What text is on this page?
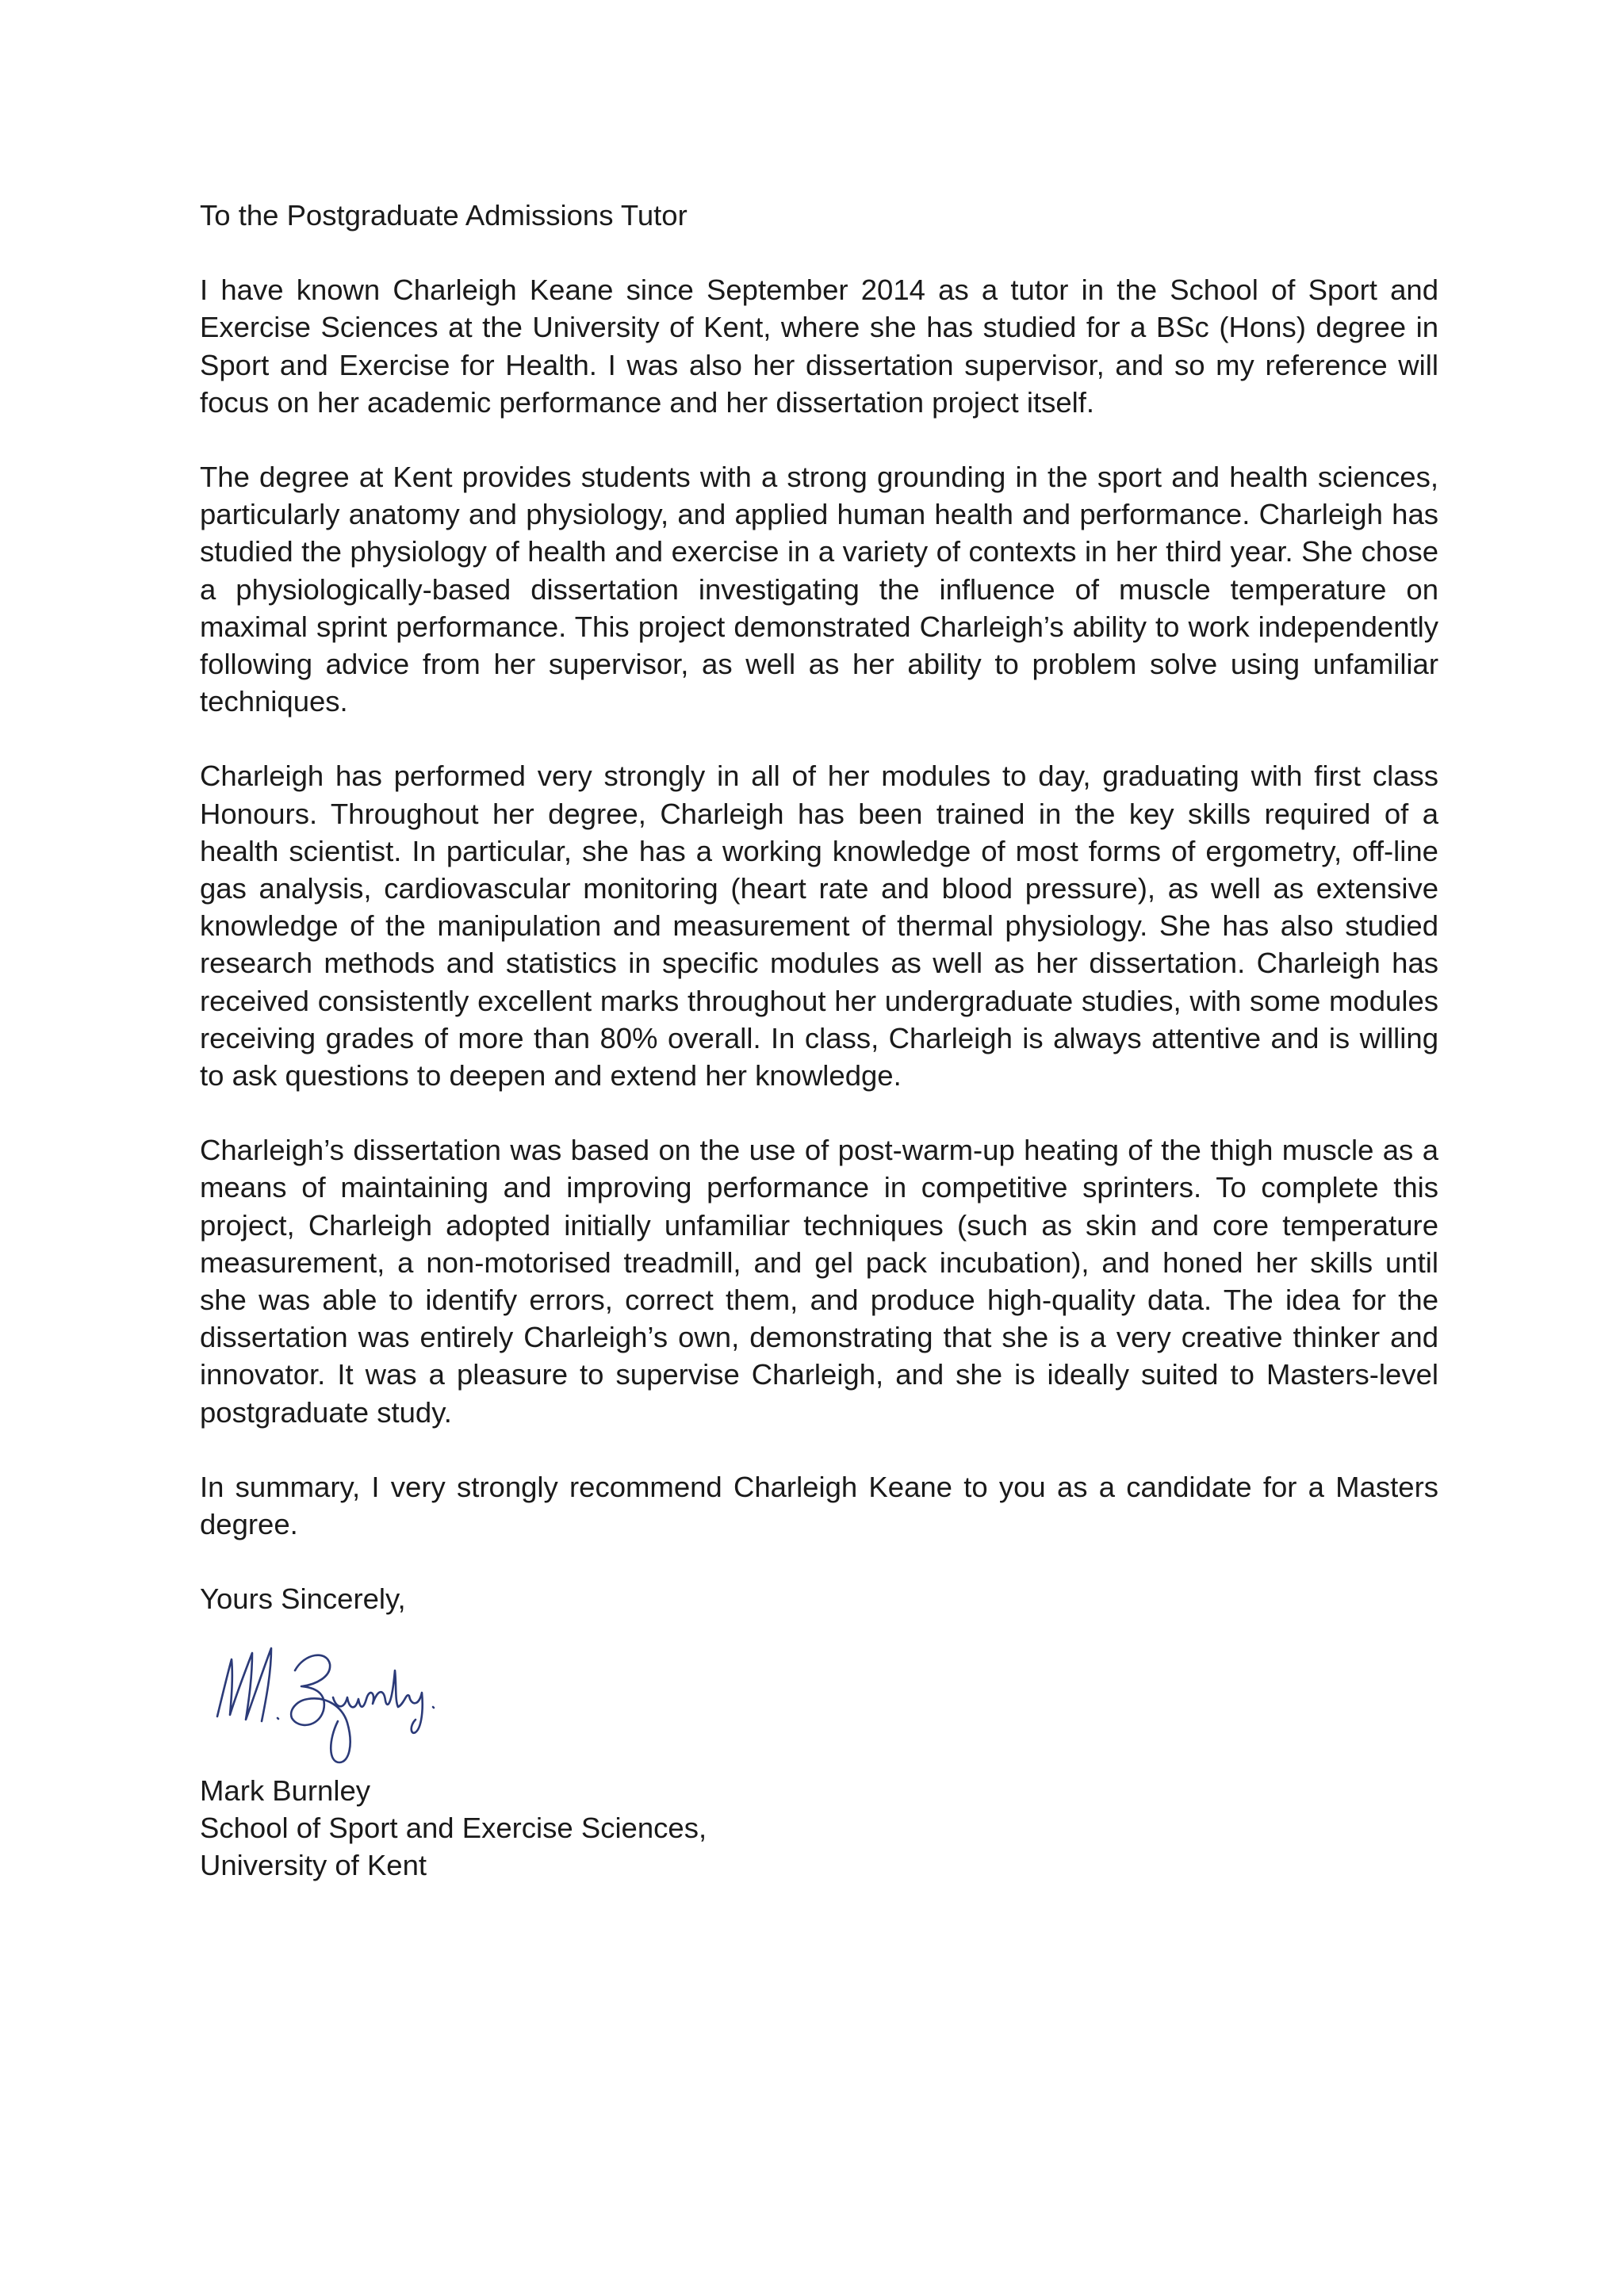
To the Postgraduate Admissions Tutor

I have known Charleigh Keane since September 2014 as a tutor in the School of Sport and Exercise Sciences at the University of Kent, where she has studied for a BSc (Hons) degree in Sport and Exercise for Health. I was also her dissertation supervisor, and so my reference will focus on her academic performance and her dissertation project itself.

The degree at Kent provides students with a strong grounding in the sport and health sciences, particularly anatomy and physiology, and applied human health and performance. Charleigh has studied the physiology of health and exercise in a variety of contexts in her third year. She chose a physiologically-based dissertation investigating the influence of muscle temperature on maximal sprint performance. This project demonstrated Charleigh’s ability to work independently following advice from her supervisor, as well as her ability to problem solve using unfamiliar techniques.

Charleigh has performed very strongly in all of her modules to day, graduating with first class Honours. Throughout her degree, Charleigh has been trained in the key skills required of a health scientist. In particular, she has a working knowledge of most forms of ergometry, off-line gas analysis, cardiovascular monitoring (heart rate and blood pressure), as well as extensive knowledge of the manipulation and measurement of thermal physiology. She has also studied research methods and statistics in specific modules as well as her dissertation. Charleigh has received consistently excellent marks throughout her undergraduate studies, with some modules receiving grades of more than 80% overall. In class, Charleigh is always attentive and is willing to ask questions to deepen and extend her knowledge.

Charleigh’s dissertation was based on the use of post-warm-up heating of the thigh muscle as a means of maintaining and improving performance in competitive sprinters. To complete this project, Charleigh adopted initially unfamiliar techniques (such as skin and core temperature measurement, a non-motorised treadmill, and gel pack incubation), and honed her skills until she was able to identify errors, correct them, and produce high-quality data. The idea for the dissertation was entirely Charleigh’s own, demonstrating that she is a very creative thinker and innovator. It was a pleasure to supervise Charleigh, and she is ideally suited to Masters-level postgraduate study.

In summary, I very strongly recommend Charleigh Keane to you as a candidate for a Masters degree.

Yours Sincerely,

Mark Burnley

School of Sport and Exercise Sciences,

University of Kent
